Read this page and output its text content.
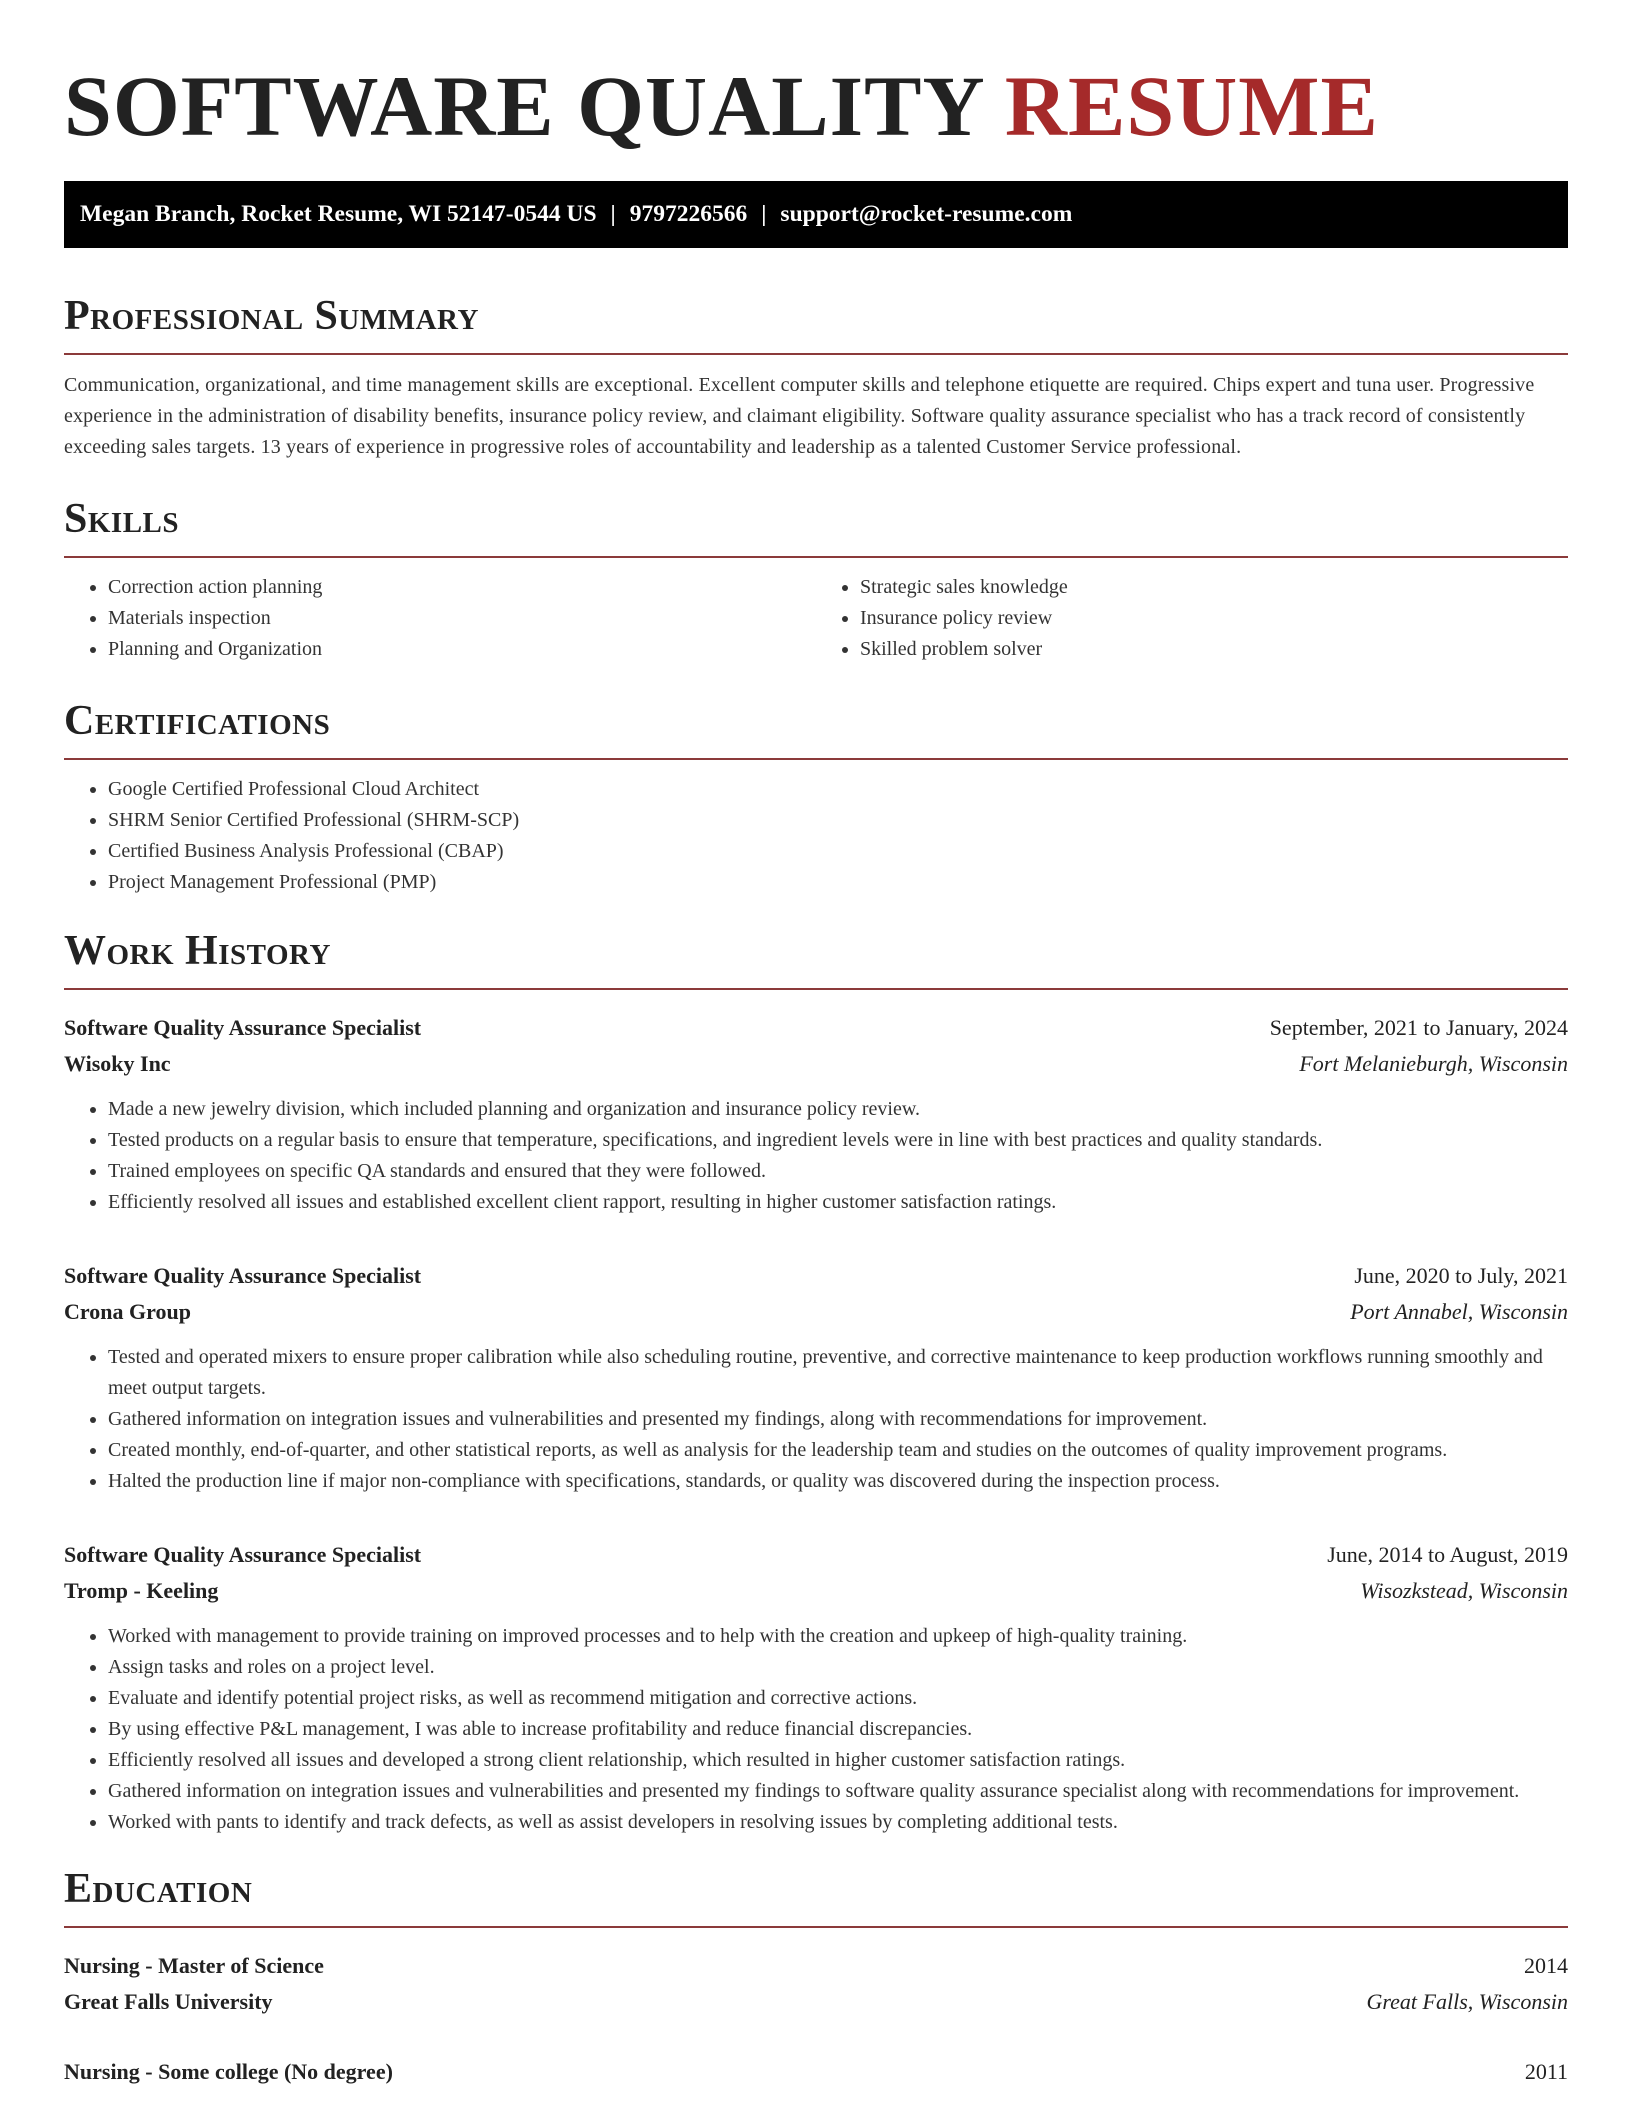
SOFTWARE QUALITY RESUME
Megan Branch, Rocket Resume, WI 52147-0544 US | 9797226566 | support@rocket-resume.com
Professional Summary

Communication, organizational, and time management skills are exceptional. Excellent computer skills and telephone etiquette are required. Chips expert and tuna user. Progressive experience in the administration of disability benefits, insurance policy review, and claimant eligibility. Software quality assurance specialist who has a track record of consistently exceeding sales targets. 13 years of experience in progressive roles of accountability and leadership as a talented Customer Service professional.

Skills
• Correction action planning
• Materials inspection
• Planning and Organization
• Strategic sales knowledge
• Insurance policy review
• Skilled problem solver
Certifications
• Google Certified Professional Cloud Architect
• SHRM Senior Certified Professional (SHRM-SCP)
• Certified Business Analysis Professional (CBAP)
• Project Management Professional (PMP)
Work History
Software Quality Assurance Specialist	September, 2021 to January, 2024
Wisoky Inc	Fort Melanieburgh, Wisconsin
• Made a new jewelry division, which included planning and organization and insurance policy review.
• Tested products on a regular basis to ensure that temperature, specifications, and ingredient levels were in line with best practices and quality standards.
• Trained employees on specific QA standards and ensured that they were followed.
• Efficiently resolved all issues and established excellent client rapport, resulting in higher customer satisfaction ratings.
Software Quality Assurance Specialist	June, 2020 to July, 2021
Crona Group	Port Annabel, Wisconsin
• Tested and operated mixers to ensure proper calibration while also scheduling routine, preventive, and corrective maintenance to keep production workflows running smoothly and meet output targets.
• Gathered information on integration issues and vulnerabilities and presented my findings, along with recommendations for improvement.
• Created monthly, end-of-quarter, and other statistical reports, as well as analysis for the leadership team and studies on the outcomes of quality improvement programs.
• Halted the production line if major non-compliance with specifications, standards, or quality was discovered during the inspection process.
Software Quality Assurance Specialist	June, 2014 to August, 2019
Tromp - Keeling	Wisozkstead, Wisconsin
• Worked with management to provide training on improved processes and to help with the creation and upkeep of high-quality training.
• Assign tasks and roles on a project level.
• Evaluate and identify potential project risks, as well as recommend mitigation and corrective actions.
• By using effective P&L management, I was able to increase profitability and reduce financial discrepancies.
• Efficiently resolved all issues and developed a strong client relationship, which resulted in higher customer satisfaction ratings.
• Gathered information on integration issues and vulnerabilities and presented my findings to software quality assurance specialist along with recommendations for improvement.
• Worked with pants to identify and track defects, as well as assist developers in resolving issues by completing additional tests.
Education
Nursing - Master of Science	2014
Great Falls University	Great Falls, Wisconsin
Nursing - Some college (No degree)	2011
